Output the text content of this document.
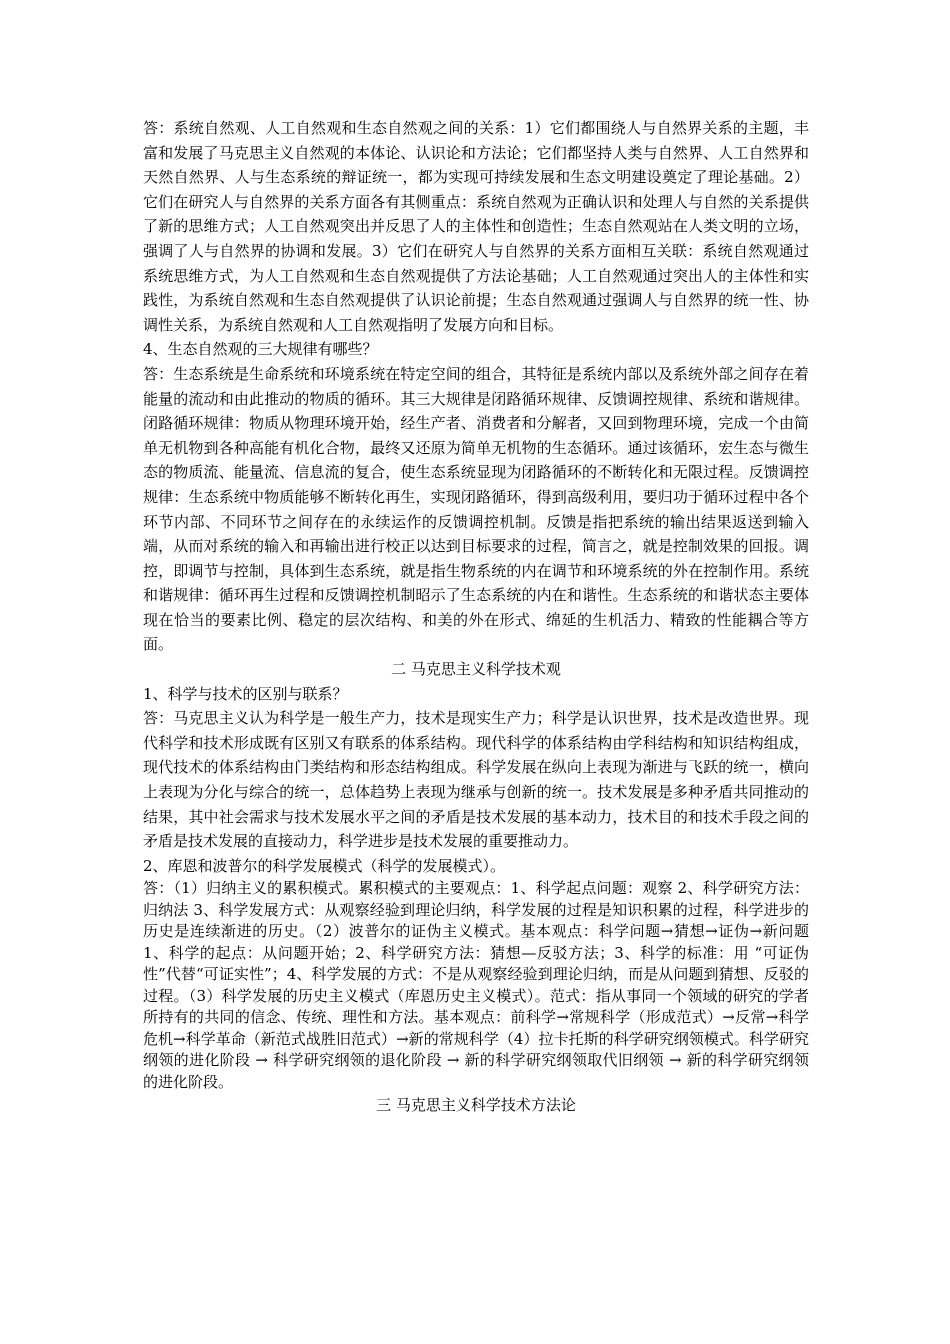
答：系统自然观、人工自然观和生态自然观之间的关系：1）它们都围绕人与自然界关系的主题，丰富和发展了马克思主义自然观的本体论、认识论和方法论；它们都坚持人类与自然界、人工自然界和天然自然界、人与生态系统的辩证统一，都为实现可持续发展和生态文明建设奠定了理论基础。2）它们在研究人与自然界的关系方面各有其侧重点：系统自然观为正确认识和处理人与自然的关系提供了新的思维方式；人工自然观突出并反思了人的主体性和创造性；生态自然观站在人类文明的立场，强调了人与自然界的协调和发展。3）它们在研究人与自然界的关系方面相互关联：系统自然观通过系统思维方式，为人工自然观和生态自然观提供了方法论基础；人工自然观通过突出人的主体性和实践性，为系统自然观和生态自然观提供了认识论前提；生态自然观通过强调人与自然界的统一性、协调性关系，为系统自然观和人工自然观指明了发展方向和目标。

4、生态自然观的三大规律有哪些？

答：生态系统是生命系统和环境系统在特定空间的组合，其特征是系统内部以及系统外部之间存在着能量的流动和由此推动的物质的循环。其三大规律是闭路循环规律、反馈调控规律、系统和谐规律。闭路循环规律：物质从物理环境开始，经生产者、消费者和分解者，又回到物理环境，完成一个由简单无机物到各种高能有机化合物，最终又还原为简单无机物的生态循环。通过该循环，宏生态与微生态的物质流、能量流、信息流的复合，使生态系统显现为闭路循环的不断转化和无限过程。反馈调控规律：生态系统中物质能够不断转化再生，实现闭路循环，得到高级利用，要归功于循环过程中各个环节内部、不同环节之间存在的永续运作的反馈调控机制。反馈是指把系统的输出结果返送到输入端，从而对系统的输入和再输出进行校正以达到目标要求的过程，简言之，就是控制效果的回报。调控，即调节与控制，具体到生态系统，就是指生物系统的内在调节和环境系统的外在控制作用。系统和谐规律：循环再生过程和反馈调控机制昭示了生态系统的内在和谐性。生态系统的和谐状态主要体现在恰当的要素比例、稳定的层次结构、和美的外在形式、绵延的生机活力、精致的性能耦合等方面。

二 马克思主义科学技术观

1、科学与技术的区别与联系？

答：马克思主义认为科学是一般生产力，技术是现实生产力；科学是认识世界，技术是改造世界。现代科学和技术形成既有区别又有联系的体系结构。现代科学的体系结构由学科结构和知识结构组成，现代技术的体系结构由门类结构和形态结构组成。科学发展在纵向上表现为渐进与飞跃的统一，横向上表现为分化与综合的统一，总体趋势上表现为继承与创新的统一。技术发展是多种矛盾共同推动的结果，其中社会需求与技术发展水平之间的矛盾是技术发展的基本动力，技术目的和技术手段之间的矛盾是技术发展的直接动力，科学进步是技术发展的重要推动力。

2、库恩和波普尔的科学发展模式（科学的发展模式）。

答：（1）归纳主义的累积模式。累积模式的主要观点：1、科学起点问题：观察 2、科学研究方法：归纳法 3、科学发展方式：从观察经验到理论归纳，科学发展的过程是知识积累的过程，科学进步的历史是连续渐进的历史。（2）波普尔的证伪主义模式。基本观点：科学问题→猜想→证伪→新问题 1、科学的起点：从问题开始；2、科学研究方法：猜想—反驳方法；3、科学的标准：用 “可证伪性”代替“可证实性”；4、科学发展的方式：不是从观察经验到理论归纳，而是从问题到猜想、反驳的过程。（3）科学发展的历史主义模式（库恩历史主义模式）。范式：指从事同一个领域的研究的学者所持有的共同的信念、传统、理性和方法。基本观点：前科学→常规科学（形成范式）→反常→科学危机→科学革命（新范式战胜旧范式）→新的常规科学（4）拉卡托斯的科学研究纲领模式。科学研究纲领的进化阶段 → 科学研究纲领的退化阶段 → 新的科学研究纲领取代旧纲领 → 新的科学研究纲领的进化阶段。

三 马克思主义科学技术方法论
